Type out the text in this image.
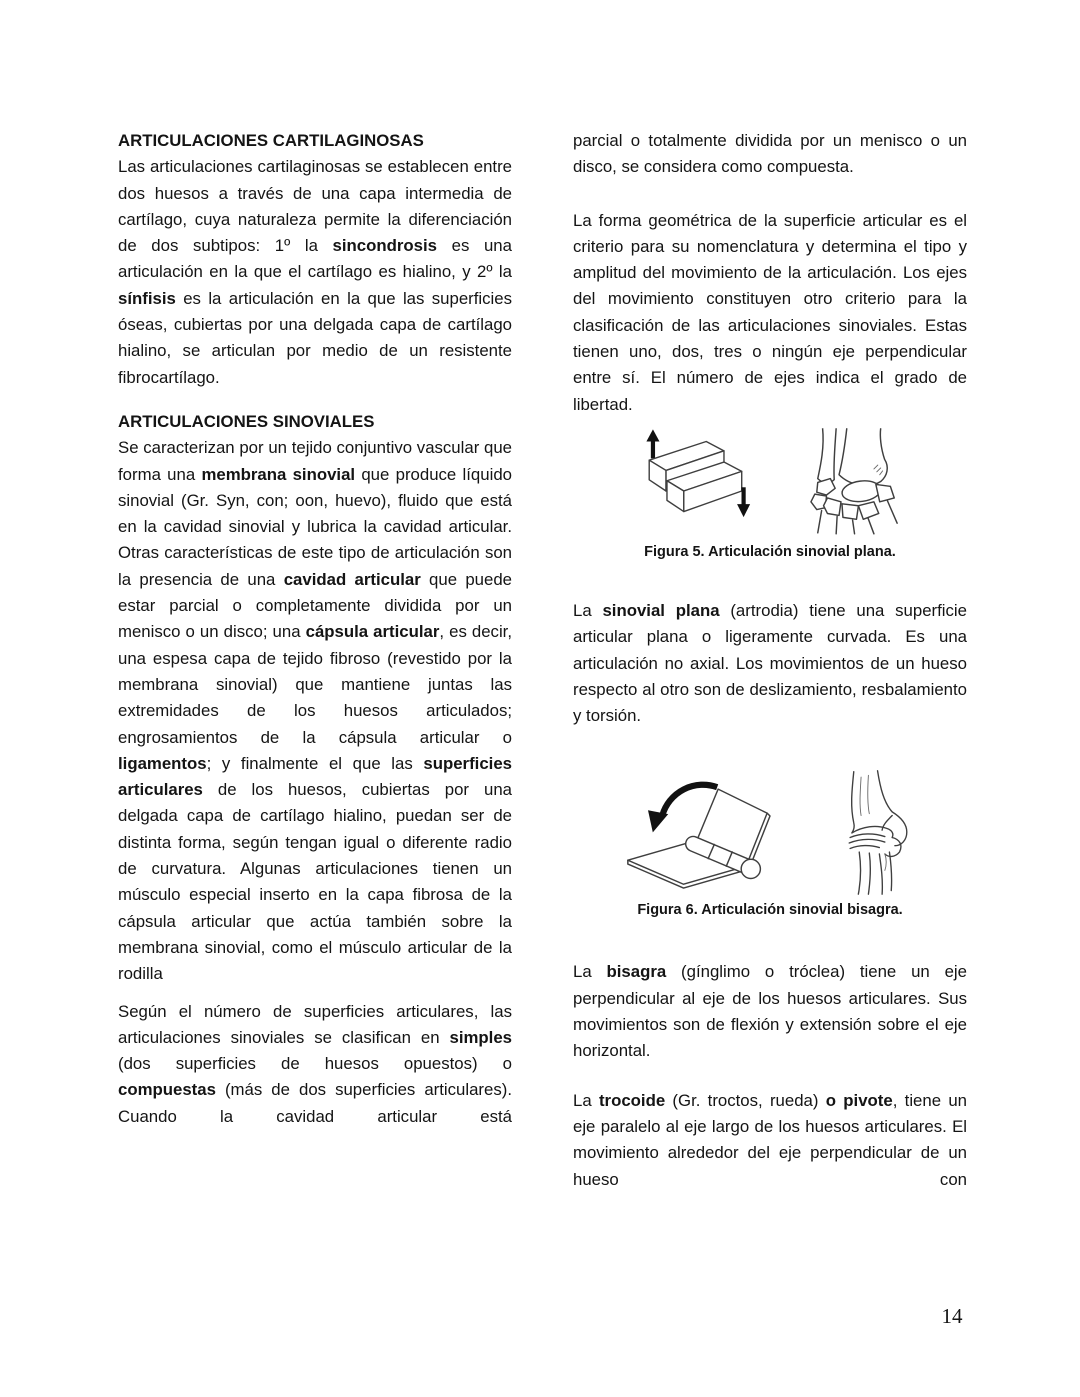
ARTICULACIONES CARTILAGINOSAS

Las articulaciones cartilaginosas se establecen entre dos huesos a través de una capa intermedia de cartílago, cuya naturaleza permite la diferenciación de dos subtipos: 1º la sincondrosis es una articulación en la que el cartílago es hialino, y 2º la sínfisis es la articulación en la que las superficies óseas, cubiertas por una delgada capa de cartílago hialino, se articulan por medio de un resistente fibrocartílago.

ARTICULACIONES SINOVIALES

Se caracterizan por un tejido conjuntivo vascular que forma una membrana sinovial que produce líquido sinovial (Gr. Syn, con; oon, huevo), fluido que está en la cavidad sinovial y lubrica la cavidad articular. Otras características de este tipo de articulación son la presencia de una cavidad articular que puede estar parcial o completamente dividida por un menisco o un disco; una cápsula articular, es decir, una espesa capa de tejido fibroso (revestido por la membrana sinovial) que mantiene juntas las extremidades de los huesos articulados; engrosamientos de la cápsula articular o ligamentos; y finalmente el que las superficies articulares de los huesos, cubiertas por una delgada capa de cartílago hialino, puedan ser de distinta forma, según tengan igual o diferente radio de curvatura. Algunas articulaciones tienen un músculo especial inserto en la capa fibrosa de la cápsula articular que actúa también sobre la membrana sinovial, como el músculo articular de la rodilla

Según el número de superficies articulares, las articulaciones sinoviales se clasifican en simples (dos superficies de huesos opuestos) o compuestas (más de dos superficies articulares). Cuando la cavidad articular está

parcial o totalmente dividida por un menisco o un disco, se considera como compuesta.

La forma geométrica de la superficie articular es el criterio para su nomenclatura y determina el tipo y amplitud del movimiento de la articulación. Los ejes del movimiento constituyen otro criterio para la clasificación de las articulaciones sinoviales. Estas tienen uno, dos, tres o ningún eje perpendicular entre sí. El número de ejes indica el grado de libertad.

Figura 5. Articulación sinovial plana.

La sinovial plana (artrodia) tiene una superficie articular plana o ligeramente curvada. Es una articulación no axial. Los movimientos de un hueso respecto al otro son de deslizamiento, resbalamiento y torsión.

Figura 6. Articulación sinovial bisagra.

La bisagra (gínglimo o tróclea) tiene un eje perpendicular al eje de los huesos articulares. Sus movimientos son de flexión y extensión sobre el eje horizontal.

La trocoide (Gr. troctos, rueda) o pivote, tiene un eje paralelo al eje largo de los huesos articulares. El movimiento alrededor del eje perpendicular de un hueso con

14
